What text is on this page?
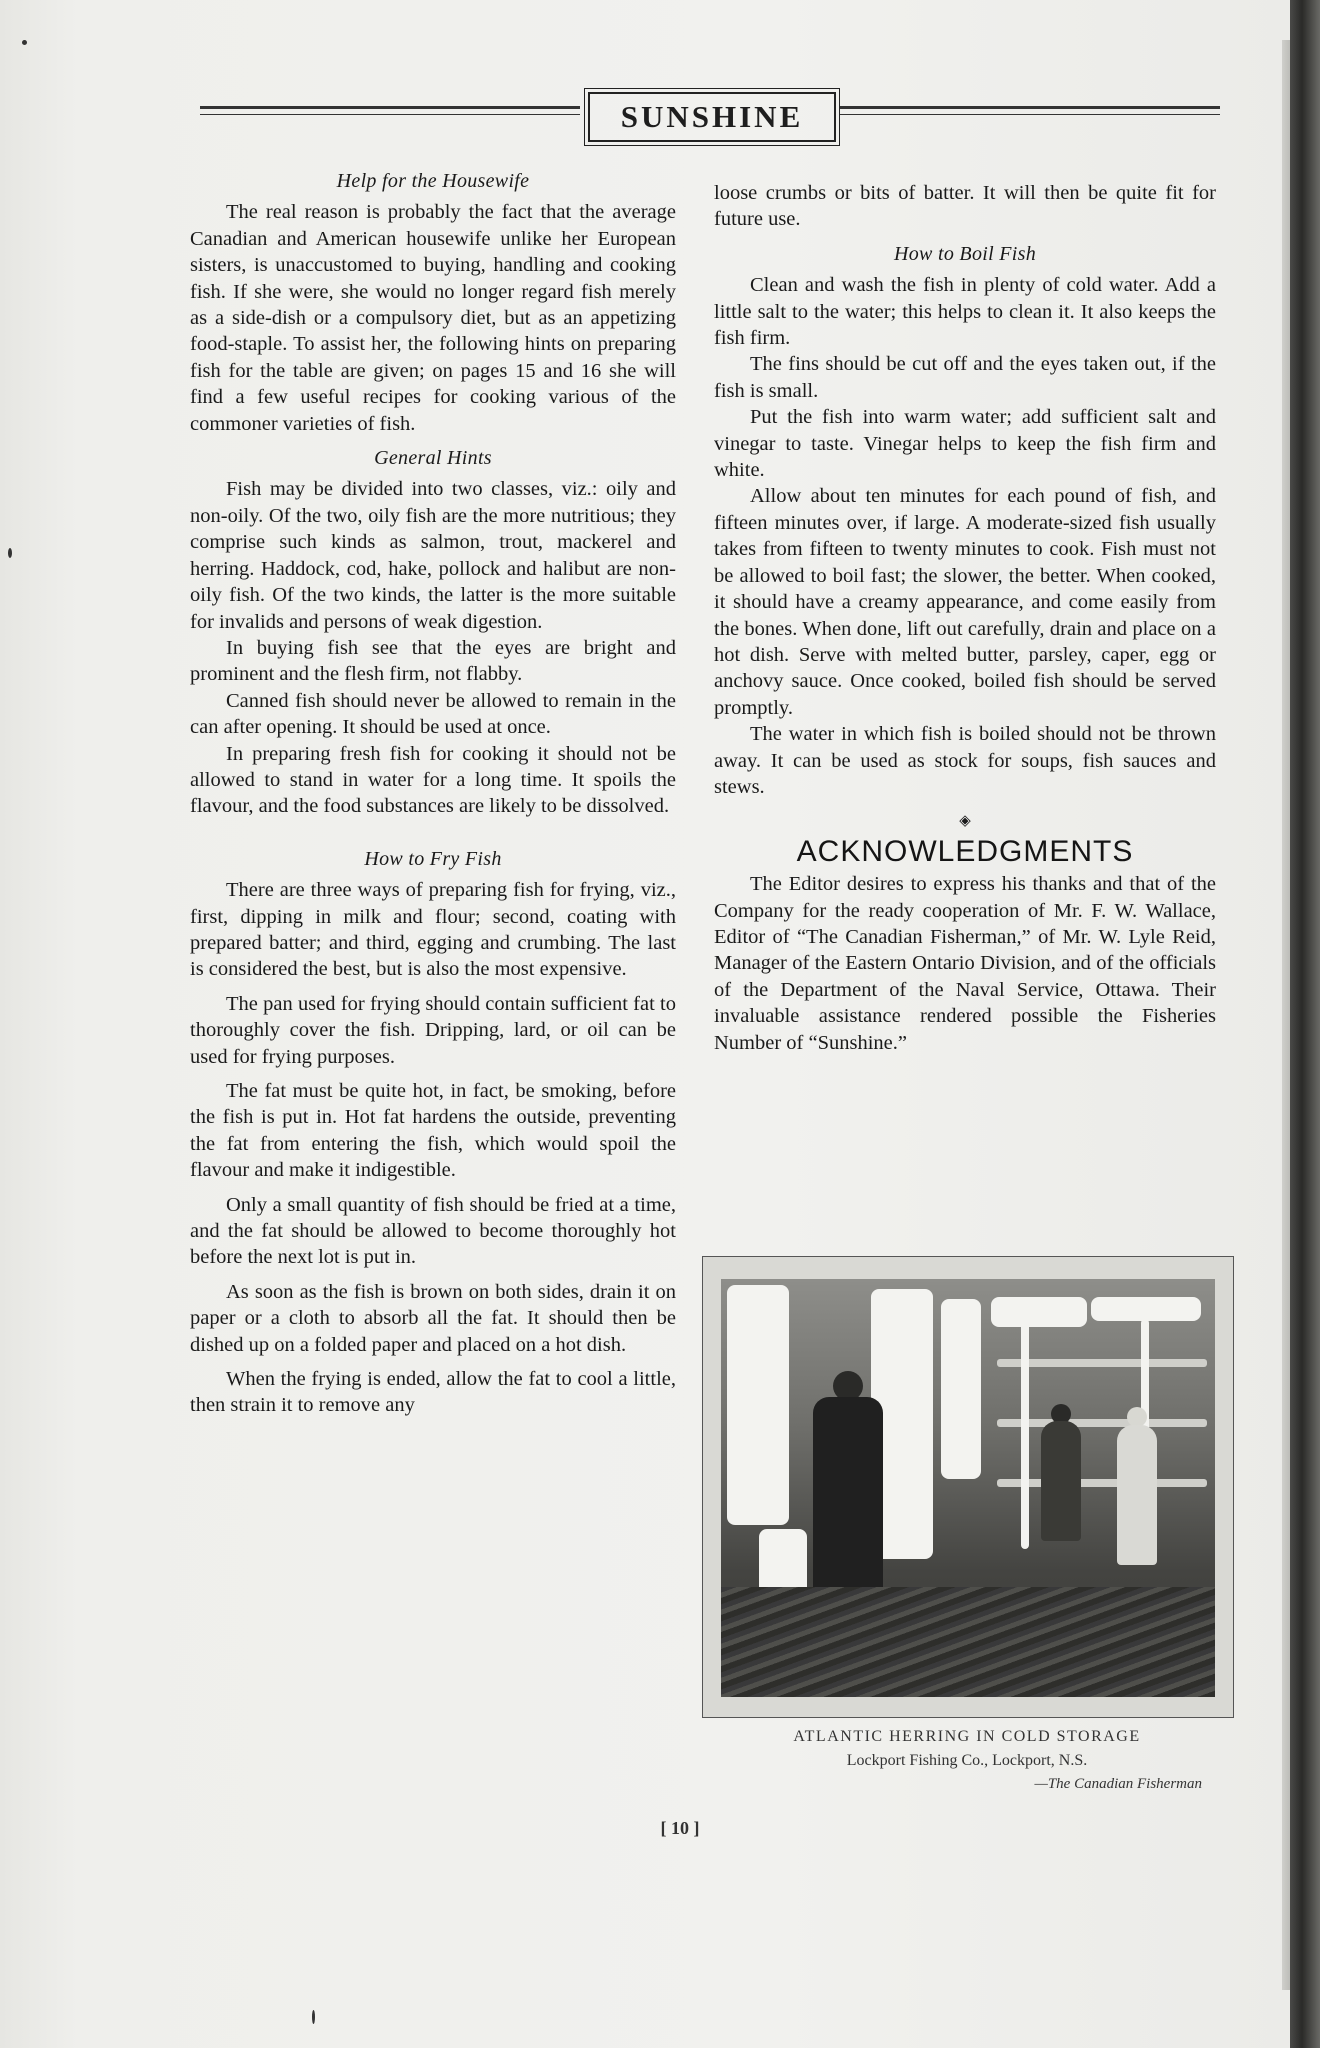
SUNSHINE
Help for the Housewife

The real reason is probably the fact that the average Canadian and American housewife unlike her European sisters, is unaccustomed to buying, handling and cooking fish. If she were, she would no longer regard fish merely as a side-dish or a compulsory diet, but as an appetizing food-staple. To assist her, the following hints on preparing fish for the table are given; on pages 15 and 16 she will find a few useful recipes for cooking various of the commoner varieties of fish.

General Hints

Fish may be divided into two classes, viz.: oily and non-oily. Of the two, oily fish are the more nutritious; they comprise such kinds as salmon, trout, mackerel and herring. Haddock, cod, hake, pollock and halibut are non-oily fish. Of the two kinds, the latter is the more suitable for invalids and persons of weak digestion.

In buying fish see that the eyes are bright and prominent and the flesh firm, not flabby.

Canned fish should never be allowed to remain in the can after opening. It should be used at once.

In preparing fresh fish for cooking it should not be allowed to stand in water for a long time. It spoils the flavour, and the food substances are likely to be dissolved.

How to Fry Fish

There are three ways of preparing fish for frying, viz., first, dipping in milk and flour; second, coating with prepared batter; and third, egging and crumbing. The last is considered the best, but is also the most expensive.

The pan used for frying should contain sufficient fat to thoroughly cover the fish. Dripping, lard, or oil can be used for frying purposes.

The fat must be quite hot, in fact, be smoking, before the fish is put in. Hot fat hardens the outside, preventing the fat from entering the fish, which would spoil the flavour and make it indigestible.

Only a small quantity of fish should be fried at a time, and the fat should be allowed to become thoroughly hot before the next lot is put in.

As soon as the fish is brown on both sides, drain it on paper or a cloth to absorb all the fat. It should then be dished up on a folded paper and placed on a hot dish.

When the frying is ended, allow the fat to cool a little, then strain it to remove any

loose crumbs or bits of batter. It will then be quite fit for future use.

How to Boil Fish

Clean and wash the fish in plenty of cold water. Add a little salt to the water; this helps to clean it. It also keeps the fish firm.

The fins should be cut off and the eyes taken out, if the fish is small.

Put the fish into warm water; add sufficient salt and vinegar to taste. Vinegar helps to keep the fish firm and white.

Allow about ten minutes for each pound of fish, and fifteen minutes over, if large. A moderate-sized fish usually takes from fifteen to twenty minutes to cook. Fish must not be allowed to boil fast; the slower, the better. When cooked, it should have a creamy appearance, and come easily from the bones. When done, lift out carefully, drain and place on a hot dish. Serve with melted butter, parsley, caper, egg or anchovy sauce. Once cooked, boiled fish should be served promptly.

The water in which fish is boiled should not be thrown away. It can be used as stock for soups, fish sauces and stews.

◈
ACKNOWLEDGMENTS

The Editor desires to express his thanks and that of the Company for the ready cooperation of Mr. F. W. Wallace, Editor of “The Canadian Fisherman,” of Mr. W. Lyle Reid, Manager of the Eastern Ontario Division, and of the officials of the Department of the Naval Service, Ottawa. Their invaluable assistance rendered possible the Fisheries Number of “Sunshine.”

ATLANTIC HERRING IN COLD STORAGE
Lockport Fishing Co., Lockport, N.S.
—The Canadian Fisherman
[ 10 ]
